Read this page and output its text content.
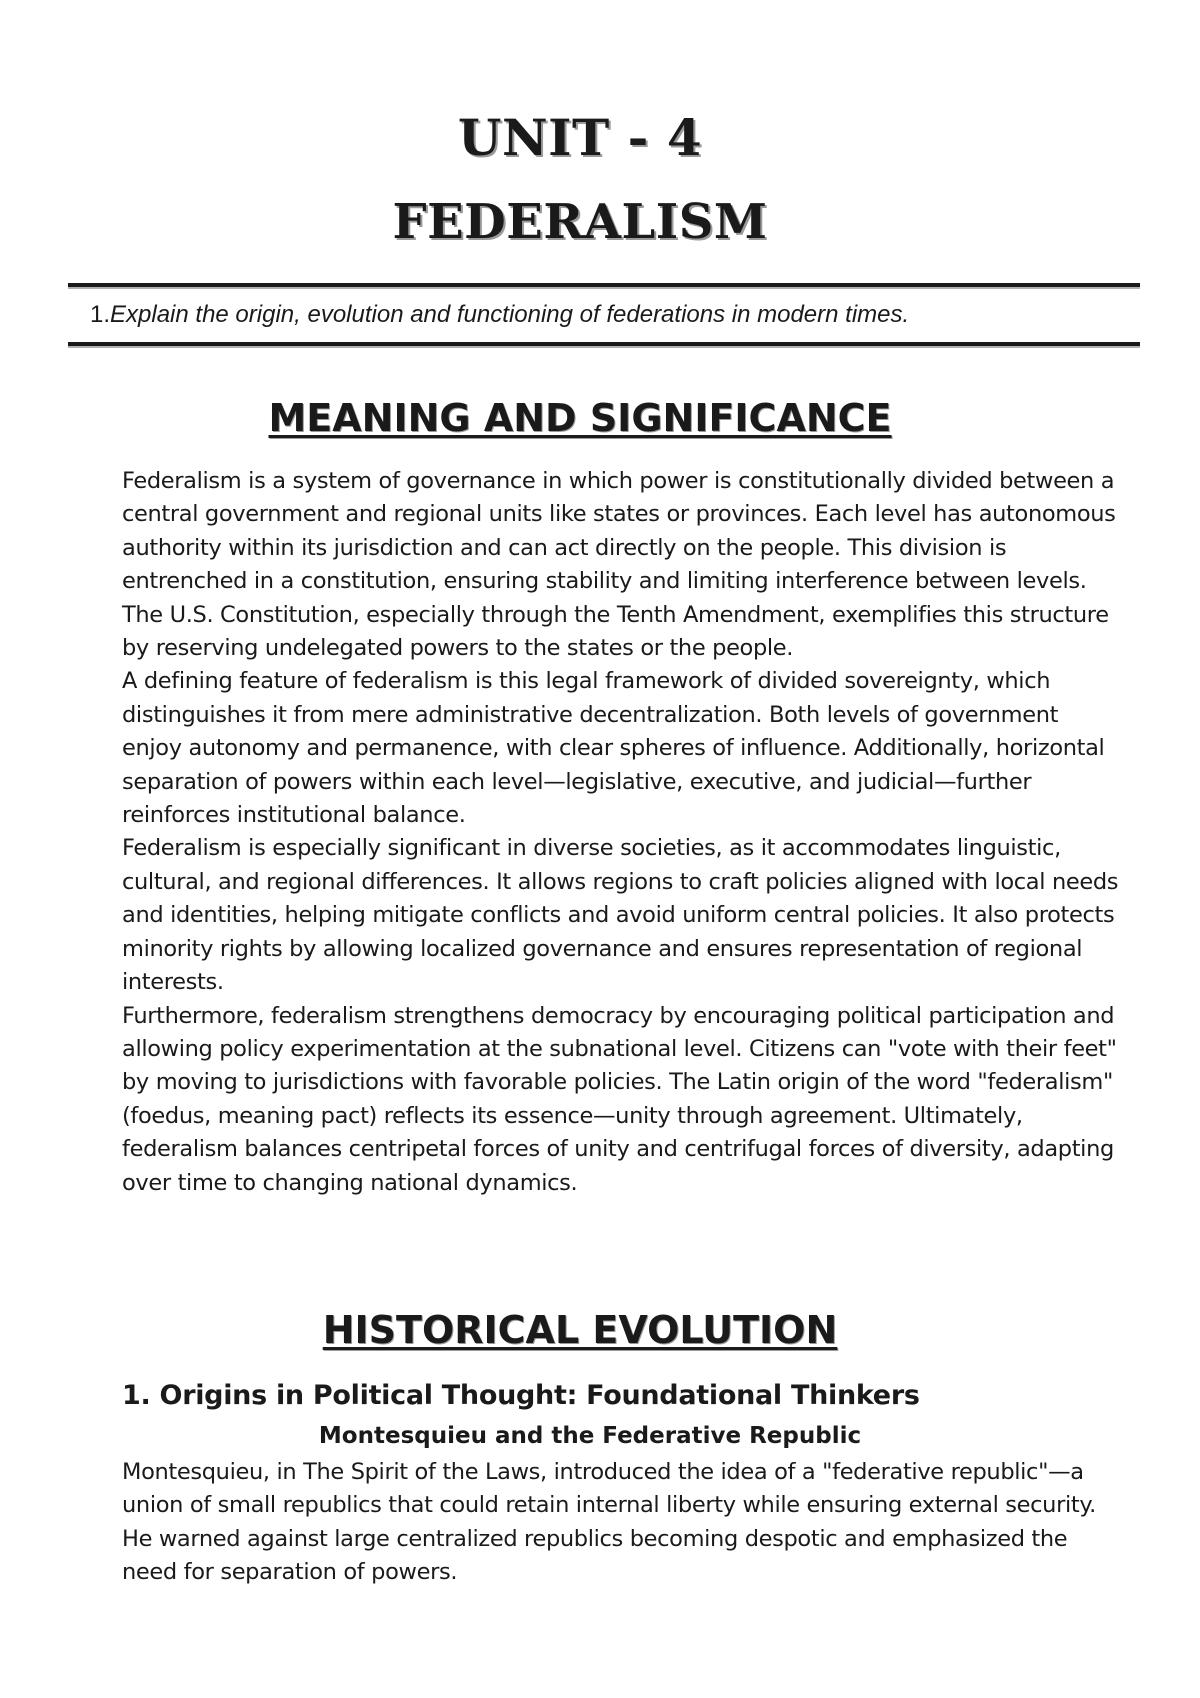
UNIT - 4
FEDERALISM
1.Explain the origin, evolution and functioning of federations in modern times.
MEANING AND SIGNIFICANCE

Federalism is a system of governance in which power is constitutionally divided between a central government and regional units like states or provinces. Each level has autonomous authority within its jurisdiction and can act directly on the people. This division is entrenched in a constitution, ensuring stability and limiting interference between levels. The U.S. Constitution, especially through the Tenth Amendment, exemplifies this structure by reserving undelegated powers to the states or the people.

A defining feature of federalism is this legal framework of divided sovereignty, which distinguishes it from mere administrative decentralization. Both levels of government enjoy autonomy and permanence, with clear spheres of influence. Additionally, horizontal separation of powers within each level—legislative, executive, and judicial—further reinforces institutional balance.

Federalism is especially significant in diverse societies, as it accommodates linguistic, cultural, and regional differences. It allows regions to craft policies aligned with local needs and identities, helping mitigate conflicts and avoid uniform central policies. It also protects minority rights by allowing localized governance and ensures representation of regional interests.

Furthermore, federalism strengthens democracy by encouraging political participation and allowing policy experimentation at the subnational level. Citizens can "vote with their feet" by moving to jurisdictions with favorable policies. The Latin origin of the word "federalism" (foedus, meaning pact) reflects its essence—unity through agreement. Ultimately, federalism balances centripetal forces of unity and centrifugal forces of diversity, adapting over time to changing national dynamics.

HISTORICAL EVOLUTION
1. Origins in Political Thought: Foundational Thinkers
Montesquieu and the Federative Republic

Montesquieu, in The Spirit of the Laws, introduced the idea of a "federative republic"—a union of small republics that could retain internal liberty while ensuring external security. He warned against large centralized republics becoming despotic and emphasized the need for separation of powers.
